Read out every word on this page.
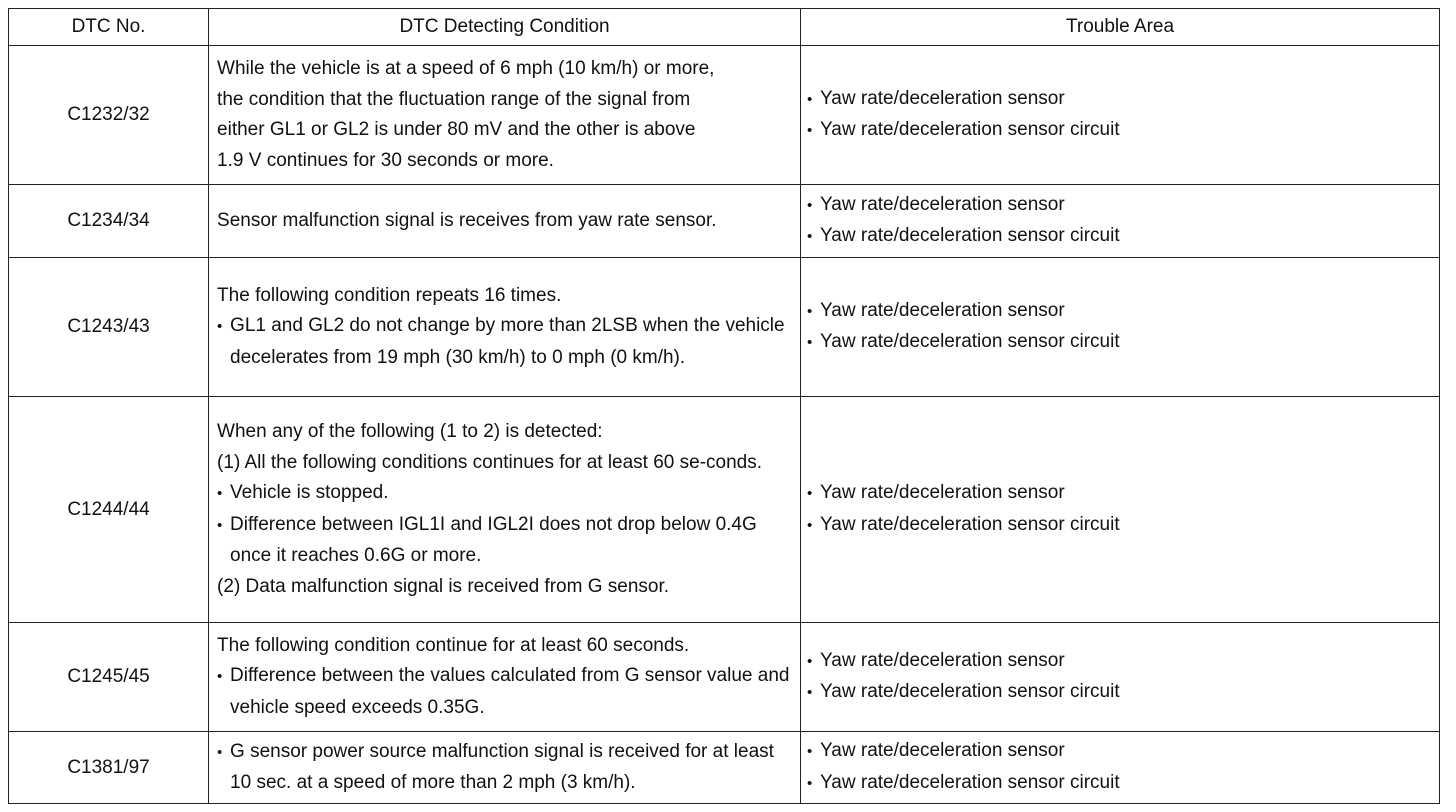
DTC No.	DTC Detecting Condition	Trouble Area
C1232/32	While the vehicle is at a speed of 6 mph (10 km/h) or more,
the condition that the fluctuation range of the signal from
either GL1 or GL2 is under 80 mV and the other is above
1.9 V continues for 30 seconds or more.	• Yaw rate/deceleration sensor
• Yaw rate/deceleration sensor circuit

C1234/34	Sensor malfunction signal is receives from yaw rate sensor.	• Yaw rate/deceleration sensor
• Yaw rate/deceleration sensor circuit

C1243/43	The following condition repeats 16 times.
• GL1 and GL2 do not change by more than 2LSB when the vehicle decelerates from 19 mph (30 km/h) to 0 mph (0 km/h).	• Yaw rate/deceleration sensor
• Yaw rate/deceleration sensor circuit

C1244/44	When any of the following (1 to 2) is detected:
(1) All the following conditions continues for at least 60 se-conds.
• Vehicle is stopped.
• Difference between IGL1I and IGL2I does not drop below 0.4G once it reaches 0.6G or more.
(2) Data malfunction signal is received from G sensor.	• Yaw rate/deceleration sensor
• Yaw rate/deceleration sensor circuit

C1245/45	The following condition continue for at least 60 seconds.
• Difference between the values calculated from G sensor value and vehicle speed exceeds 0.35G.	• Yaw rate/deceleration sensor
• Yaw rate/deceleration sensor circuit

C1381/97	• G sensor power source malfunction signal is received for at least 10 sec. at a speed of more than 2 mph (3 km/h).	• Yaw rate/deceleration sensor
• Yaw rate/deceleration sensor circuit
